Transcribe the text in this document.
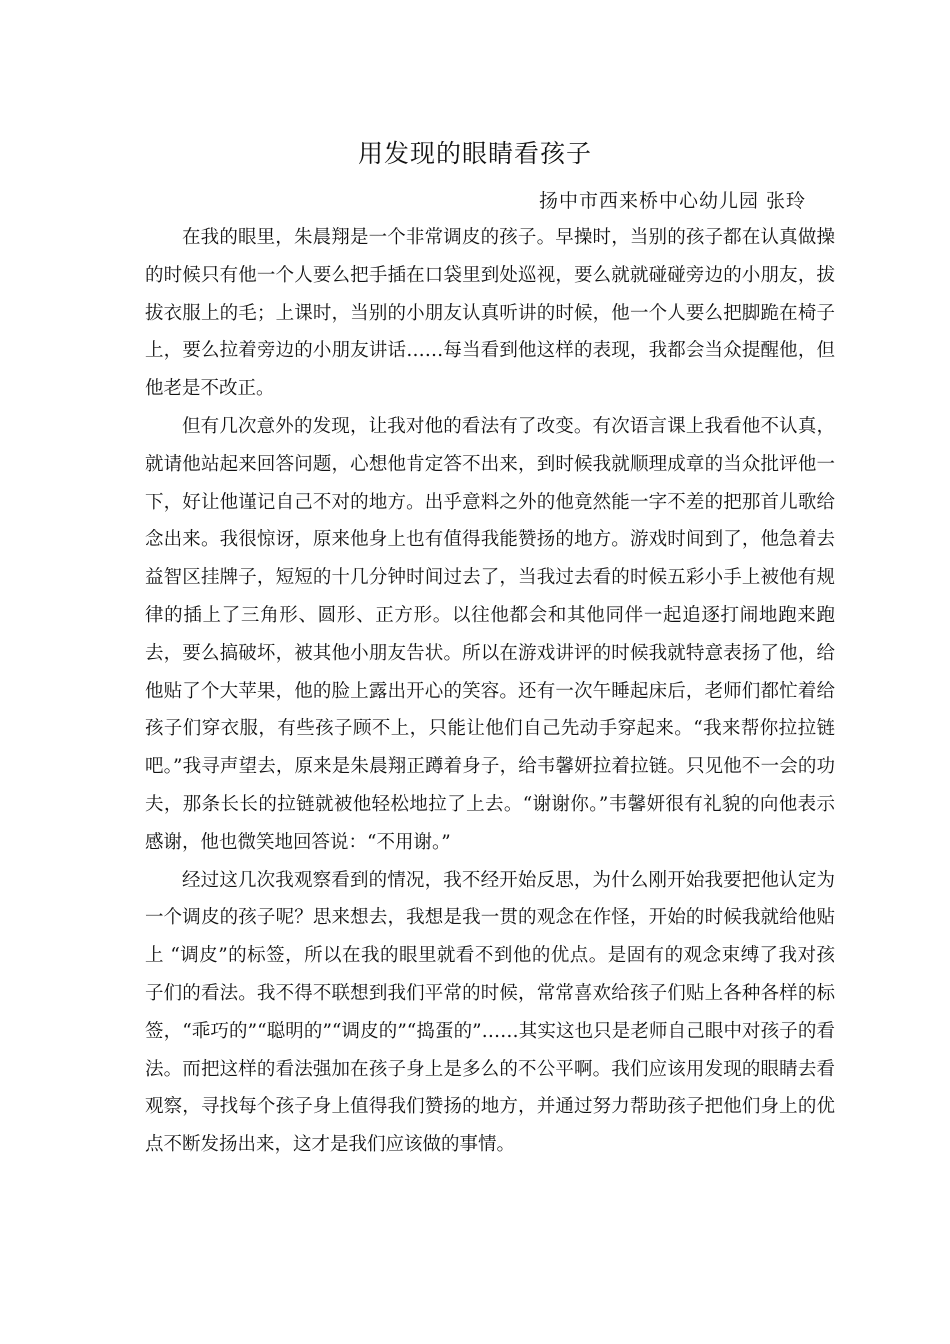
用发现的眼睛看孩子
扬中市西来桥中心幼儿园 张玲

在我的眼里，朱晨翔是一个非常调皮的孩子。早操时，当别的孩子都在认真做操的时候只有他一个人要么把手插在口袋里到处巡视，要么就就碰碰旁边的小朋友，拔拔衣服上的毛；上课时，当别的小朋友认真听讲的时候，他一个人要么把脚跪在椅子上，要么拉着旁边的小朋友讲话……每当看到他这样的表现，我都会当众提醒他，但他老是不改正。

但有几次意外的发现，让我对他的看法有了改变。有次语言课上我看他不认真，就请他站起来回答问题，心想他肯定答不出来，到时候我就顺理成章的当众批评他一下，好让他谨记自己不对的地方。出乎意料之外的他竟然能一字不差的把那首儿歌给念出来。我很惊讶，原来他身上也有值得我能赞扬的地方。游戏时间到了，他急着去益智区挂牌子，短短的十几分钟时间过去了，当我过去看的时候五彩小手上被他有规律的插上了三角形、圆形、正方形。以往他都会和其他同伴一起追逐打闹地跑来跑去，要么搞破坏，被其他小朋友告状。所以在游戏讲评的时候我就特意表扬了他，给他贴了个大苹果，他的脸上露出开心的笑容。还有一次午睡起床后，老师们都忙着给孩子们穿衣服，有些孩子顾不上，只能让他们自己先动手穿起来。“我来帮你拉拉链吧。”我寻声望去，原来是朱晨翔正蹲着身子，给韦馨妍拉着拉链。只见他不一会的功夫，那条长长的拉链就被他轻松地拉了上去。“谢谢你。”韦馨妍很有礼貌的向他表示感谢，他也微笑地回答说：“不用谢。”

经过这几次我观察看到的情况，我不经开始反思，为什么刚开始我要把他认定为一个调皮的孩子呢？思来想去，我想是我一贯的观念在作怪，开始的时候我就给他贴上 “调皮”的标签，所以在我的眼里就看不到他的优点。是固有的观念束缚了我对孩子们的看法。我不得不联想到我们平常的时候，常常喜欢给孩子们贴上各种各样的标签，“乖巧的”“聪明的”“调皮的”“捣蛋的”……其实这也只是老师自己眼中对孩子的看法。而把这样的看法强加在孩子身上是多么的不公平啊。我们应该用发现的眼睛去看观察，寻找每个孩子身上值得我们赞扬的地方，并通过努力帮助孩子把他们身上的优点不断发扬出来，这才是我们应该做的事情。
